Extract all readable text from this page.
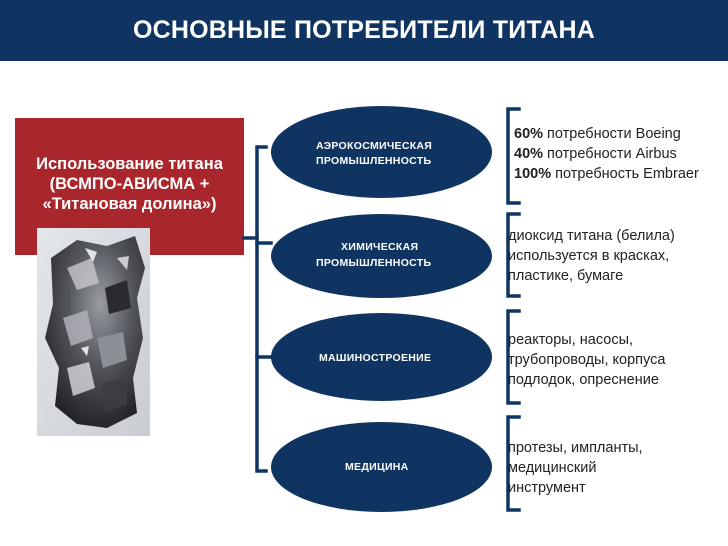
ОСНОВНЫЕ ПОТРЕБИТЕЛИ ТИТАНА
Использование титана
(ВСМПО-АВИСМА +
«Титановая долина»)
АЭРОКОСМИЧЕСКАЯ
ПРОМЫШЛЕННОСТЬ
ХИМИЧЕСКАЯ
ПРОМЫШЛЕННОСТЬ
МАШИНОСТРОЕНИЕ
МЕДИЦИНА
60% потребности Boeing
40% потребности Airbus
100% потребность Embraer
диоксид титана (белила)
используется в красках,
пластике, бумаге
реакторы, насосы,
трубопроводы, корпуса
подлодок, опреснение
протезы, импланты,
медицинский
инструмент
